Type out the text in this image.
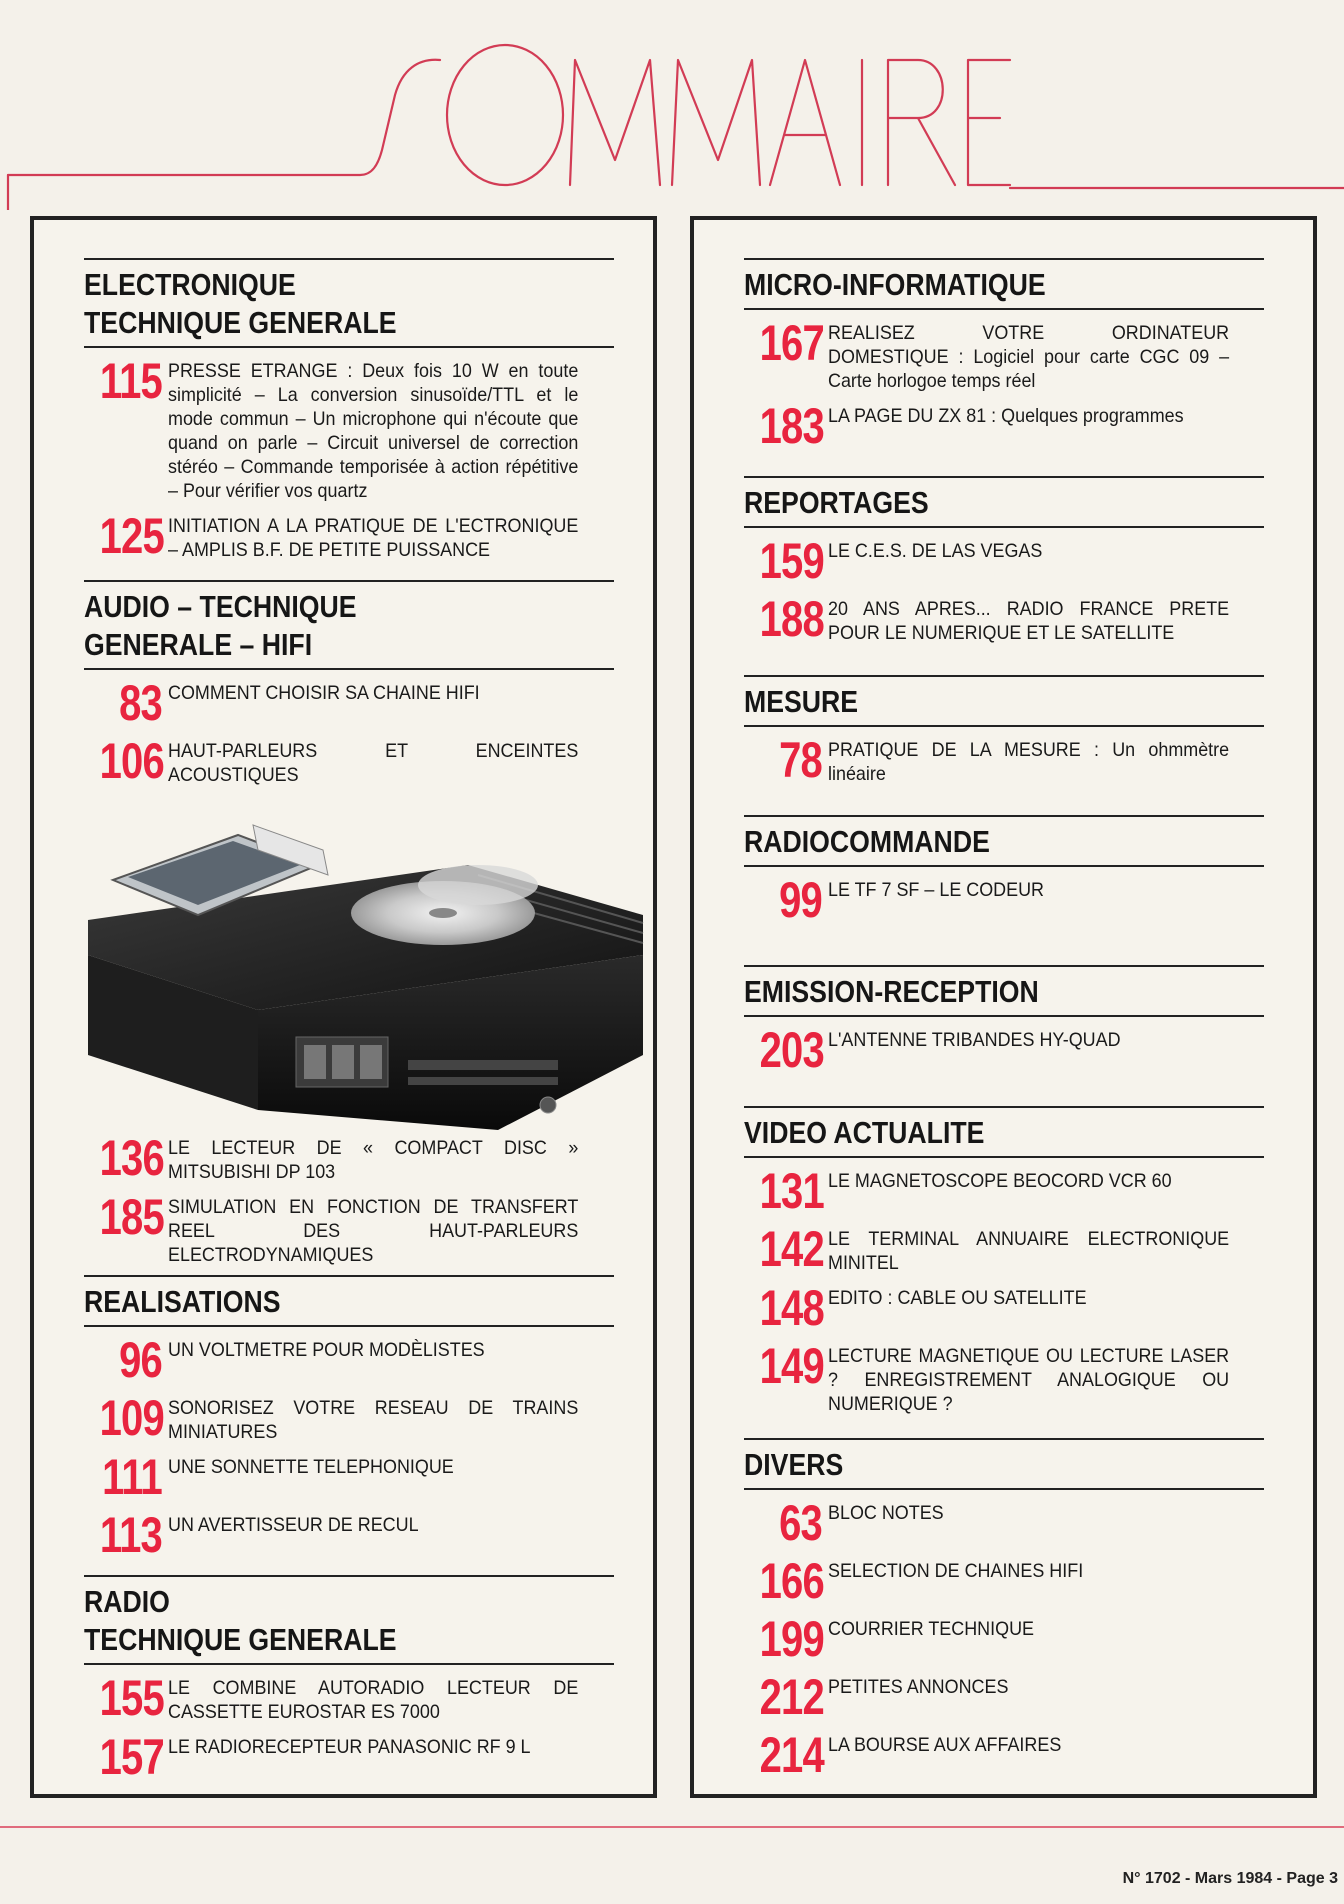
ELECTRONIQUE
TECHNIQUE GENERALE
115 PRESSE ETRANGE : Deux fois 10 W en toute simplicité – La conversion sinusoïde/TTL et le mode commun – Un microphone qui n'écoute que quand on parle – Circuit universel de correction stéréo – Commande temporisée à action répétitive – Pour vérifier vos quartz
125 INITIATION A LA PRATIQUE DE L'ECTRONIQUE – AMPLIS B.F. DE PETITE PUISSANCE
AUDIO – TECHNIQUE
GENERALE – HIFI
83 COMMENT CHOISIR SA CHAINE HIFI
106 HAUT-PARLEURS ET ENCEINTES ACOUSTIQUES
136 LE LECTEUR DE « COMPACT DISC » MITSUBISHI DP 103
185 SIMULATION EN FONCTION DE TRANSFERT REEL DES HAUT-PARLEURS ELECTRODYNAMIQUES
REALISATIONS
96 UN VOLTMETRE POUR MODÈLISTES
109 SONORISEZ VOTRE RESEAU DE TRAINS MINIATURES
111 UNE SONNETTE TELEPHONIQUE
113 UN AVERTISSEUR DE RECUL
RADIO
TECHNIQUE GENERALE
155 LE COMBINE AUTORADIO LECTEUR DE CASSETTE EUROSTAR ES 7000
157 LE RADIORECEPTEUR PANASONIC RF 9 L
MICRO-INFORMATIQUE
167 REALISEZ VOTRE ORDINATEUR DOMESTIQUE : Logiciel pour carte CGC 09 – Carte horlogoe temps réel
183 LA PAGE DU ZX 81 : Quelques programmes
REPORTAGES
159 LE C.E.S. DE LAS VEGAS
188 20 ANS APRES... RADIO FRANCE PRETE POUR LE NUMERIQUE ET LE SATELLITE
MESURE
78 PRATIQUE DE LA MESURE : Un ohmmètre linéaire
RADIOCOMMANDE
99 LE TF 7 SF – LE CODEUR
EMISSION-RECEPTION
203 L'ANTENNE TRIBANDES HY-QUAD
VIDEO ACTUALITE
131 LE MAGNETOSCOPE BEOCORD VCR 60
142 LE TERMINAL ANNUAIRE ELECTRONIQUE MINITEL
148 EDITO : CABLE OU SATELLITE
149 LECTURE MAGNETIQUE OU LECTURE LASER ? ENREGISTREMENT ANALOGIQUE OU NUMERIQUE ?
DIVERS
63 BLOC NOTES
166 SELECTION DE CHAINES HIFI
199 COURRIER TECHNIQUE
212 PETITES ANNONCES
214 LA BOURSE AUX AFFAIRES
N° 1702 - Mars 1984 - Page 3
